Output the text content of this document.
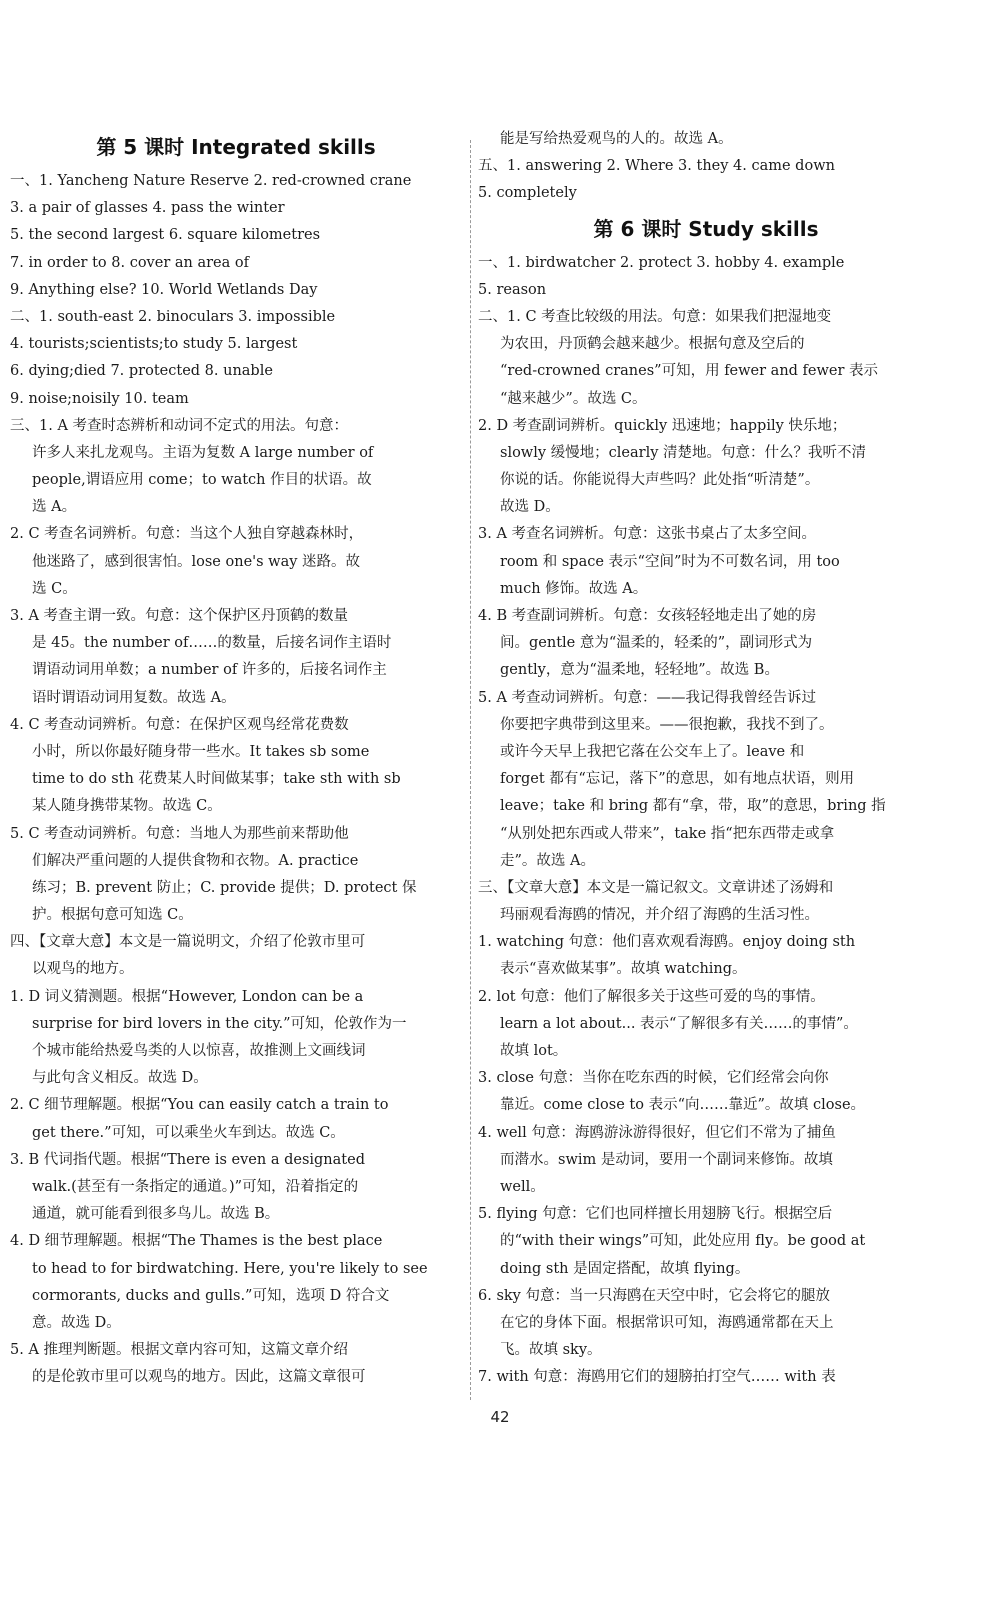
第 5 课时 Integrated skills
一、1. Yancheng Nature Reserve 2. red-crowned crane
3. a pair of glasses 4. pass the winter
5. the second largest 6. square kilometres
7. in order to 8. cover an area of
9. Anything else? 10. World Wetlands Day
二、1. south-east 2. binoculars 3. impossible
4. tourists;scientists;to study 5. largest
6. dying;died 7. protected 8. unable
9. noise;noisily 10. team
三、1. A 考查时态辨析和动词不定式的用法。句意：
许多人来扎龙观鸟。主语为复数 A large number of
people,谓语应用 come；to watch 作目的状语。故
选 A。
2. C 考查名词辨析。句意：当这个人独自穿越森林时，
他迷路了，感到很害怕。lose one's way 迷路。故
选 C。
3. A 考查主谓一致。句意：这个保护区丹顶鹤的数量
是 45。the number of……的数量，后接名词作主语时
谓语动词用单数；a number of 许多的，后接名词作主
语时谓语动词用复数。故选 A。
4. C 考查动词辨析。句意：在保护区观鸟经常花费数
小时，所以你最好随身带一些水。It takes sb some
time to do sth 花费某人时间做某事；take sth with sb
某人随身携带某物。故选 C。
5. C 考查动词辨析。句意：当地人为那些前来帮助他
们解决严重问题的人提供食物和衣物。A. practice
练习；B. prevent 防止；C. provide 提供；D. protect 保
护。根据句意可知选 C。
四、【文章大意】本文是一篇说明文，介绍了伦敦市里可
以观鸟的地方。
1. D 词义猜测题。根据“However, London can be a
surprise for bird lovers in the city.”可知，伦敦作为一
个城市能给热爱鸟类的人以惊喜，故推测上文画线词
与此句含义相反。故选 D。
2. C 细节理解题。根据“You can easily catch a train to
get there.”可知，可以乘坐火车到达。故选 C。
3. B 代词指代题。根据“There is even a designated
walk.(甚至有一条指定的通道。)”可知，沿着指定的
通道，就可能看到很多鸟儿。故选 B。
4. D 细节理解题。根据“The Thames is the best place
to head to for birdwatching. Here, you're likely to see
cormorants, ducks and gulls.”可知，选项 D 符合文
意。故选 D。
5. A 推理判断题。根据文章内容可知，这篇文章介绍
的是伦敦市里可以观鸟的地方。因此，这篇文章很可
能是写给热爱观鸟的人的。故选 A。
五、1. answering 2. Where 3. they 4. came down
5. completely
第 6 课时 Study skills
一、1. birdwatcher 2. protect 3. hobby 4. example
5. reason
二、1. C 考查比较级的用法。句意：如果我们把湿地变
为农田，丹顶鹤会越来越少。根据句意及空后的
“red-crowned cranes”可知，用 fewer and fewer 表示
“越来越少”。故选 C。
2. D 考查副词辨析。quickly 迅速地；happily 快乐地；
slowly 缓慢地；clearly 清楚地。句意：什么？我听不清
你说的话。你能说得大声些吗？此处指“听清楚”。
故选 D。
3. A 考查名词辨析。句意：这张书桌占了太多空间。
room 和 space 表示“空间”时为不可数名词，用 too
much 修饰。故选 A。
4. B 考查副词辨析。句意：女孩轻轻地走出了她的房
间。gentle 意为“温柔的，轻柔的”，副词形式为
gently，意为“温柔地，轻轻地”。故选 B。
5. A 考查动词辨析。句意：——我记得我曾经告诉过
你要把字典带到这里来。——很抱歉，我找不到了。
或许今天早上我把它落在公交车上了。leave 和
forget 都有“忘记，落下”的意思，如有地点状语，则用
leave；take 和 bring 都有“拿，带，取”的意思，bring 指
“从别处把东西或人带来”，take 指“把东西带走或拿
走”。故选 A。
三、【文章大意】本文是一篇记叙文。文章讲述了汤姆和
玛丽观看海鸥的情况，并介绍了海鸥的生活习性。
1. watching 句意：他们喜欢观看海鸥。enjoy doing sth
表示“喜欢做某事”。故填 watching。
2. lot 句意：他们了解很多关于这些可爱的鸟的事情。
learn a lot about... 表示“了解很多有关……的事情”。
故填 lot。
3. close 句意：当你在吃东西的时候，它们经常会向你
靠近。come close to 表示“向……靠近”。故填 close。
4. well 句意：海鸥游泳游得很好，但它们不常为了捕鱼
而潜水。swim 是动词，要用一个副词来修饰。故填
well。
5. flying 句意：它们也同样擅长用翅膀飞行。根据空后
的“with their wings”可知，此处应用 fly。be good at
doing sth 是固定搭配，故填 flying。
6. sky 句意：当一只海鸥在天空中时，它会将它的腿放
在它的身体下面。根据常识可知，海鸥通常都在天上
飞。故填 sky。
7. with 句意：海鸥用它们的翅膀拍打空气…… with 表
42
